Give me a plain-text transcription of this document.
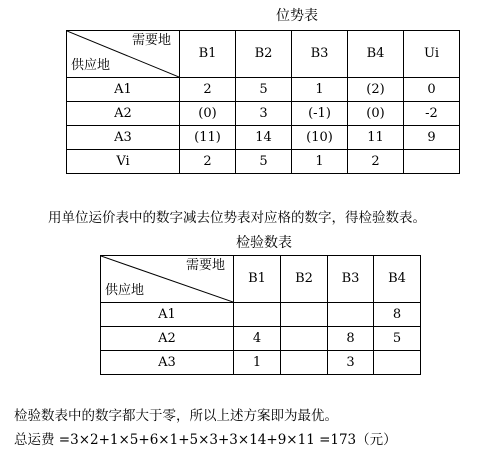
位势表
需要地
供应地	B1	B2	B3	B4	Ui
A1	2	5	1	(2)	0
A2	(0)	3	(-1)	(0)	-2
A3	(11)	14	(10)	11	9
Vi	2	5	1	2	
用单位运价表中的数字减去位势表对应格的数字，得检验数表。
检验数表
需要地
供应地	B1	B2	B3	B4
A1				8
A2	4		8	5
A3	1		3	
检验数表中的数字都大于零，所以上述方案即为最优。
总运费 =3×2+1×5+6×1+5×3+3×14+9×11 =173（元）
